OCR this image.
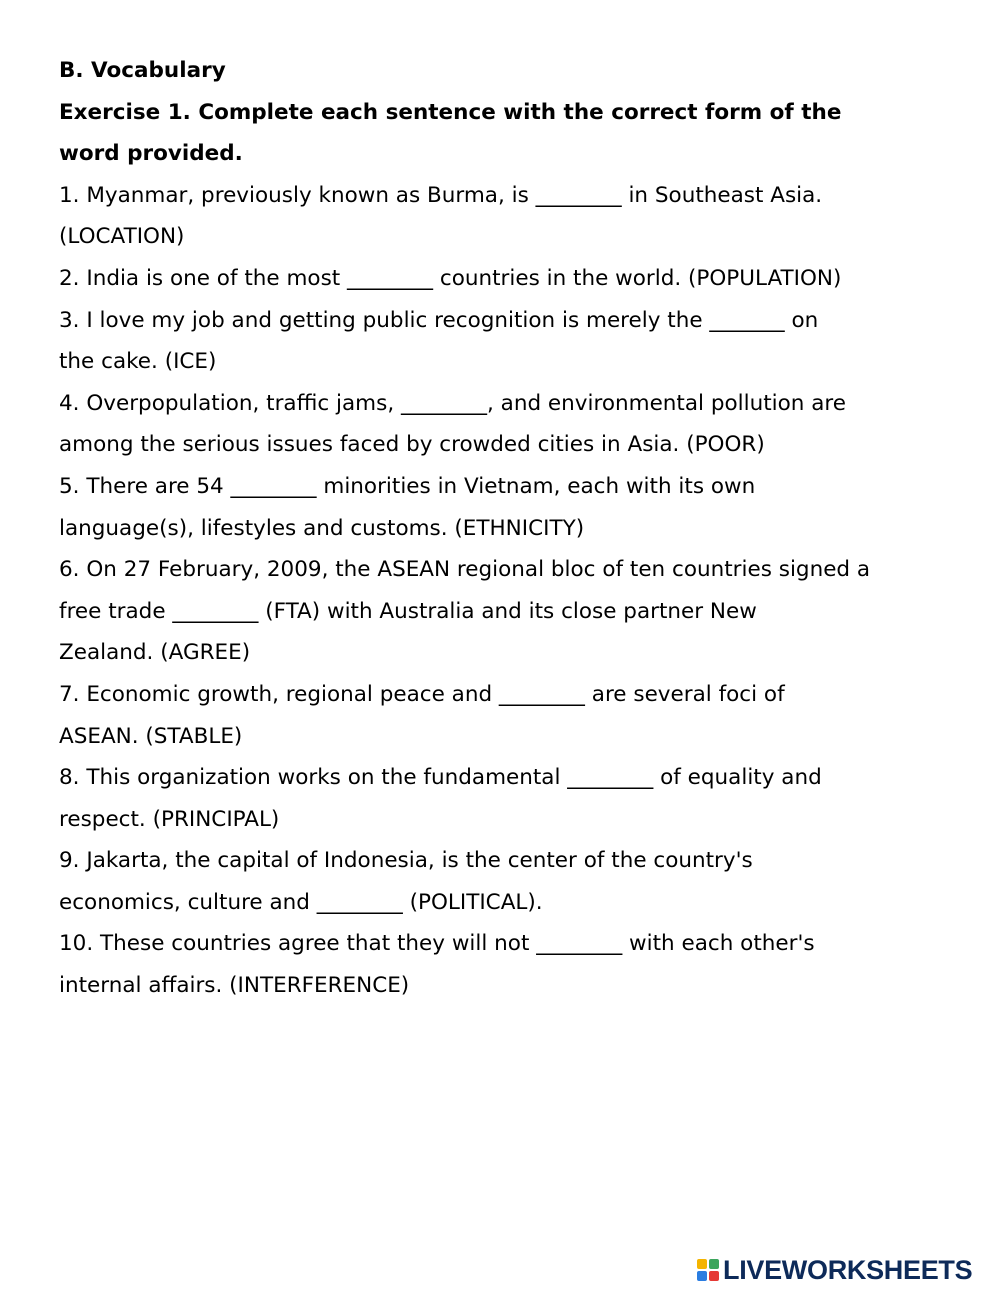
B. Vocabulary
Exercise 1. Complete each sentence with the correct form of the
word provided.
1. Myanmar, previously known as Burma, is ________ in Southeast Asia.
(LOCATION)
2. India is one of the most ________ countries in the world. (POPULATION)
3. I love my job and getting public recognition is merely the _______ on
the cake. (ICE)
4. Overpopulation, traffic jams, ________, and environmental pollution are
among the serious issues faced by crowded cities in Asia. (POOR)
5. There are 54 ________ minorities in Vietnam, each with its own
language(s), lifestyles and customs. (ETHNICITY)
6. On 27 February, 2009, the ASEAN regional bloc of ten countries signed a
free trade ________ (FTA) with Australia and its close partner New
Zealand. (AGREE)
7. Economic growth, regional peace and ________ are several foci of
ASEAN. (STABLE)
8. This organization works on the fundamental ________ of equality and
respect. (PRINCIPAL)
9. Jakarta, the capital of Indonesia, is the center of the country's
economics, culture and ________ (POLITICAL).
10. These countries agree that they will not ________ with each other's
internal affairs. (INTERFERENCE)
LIVEWORKSHEETS
